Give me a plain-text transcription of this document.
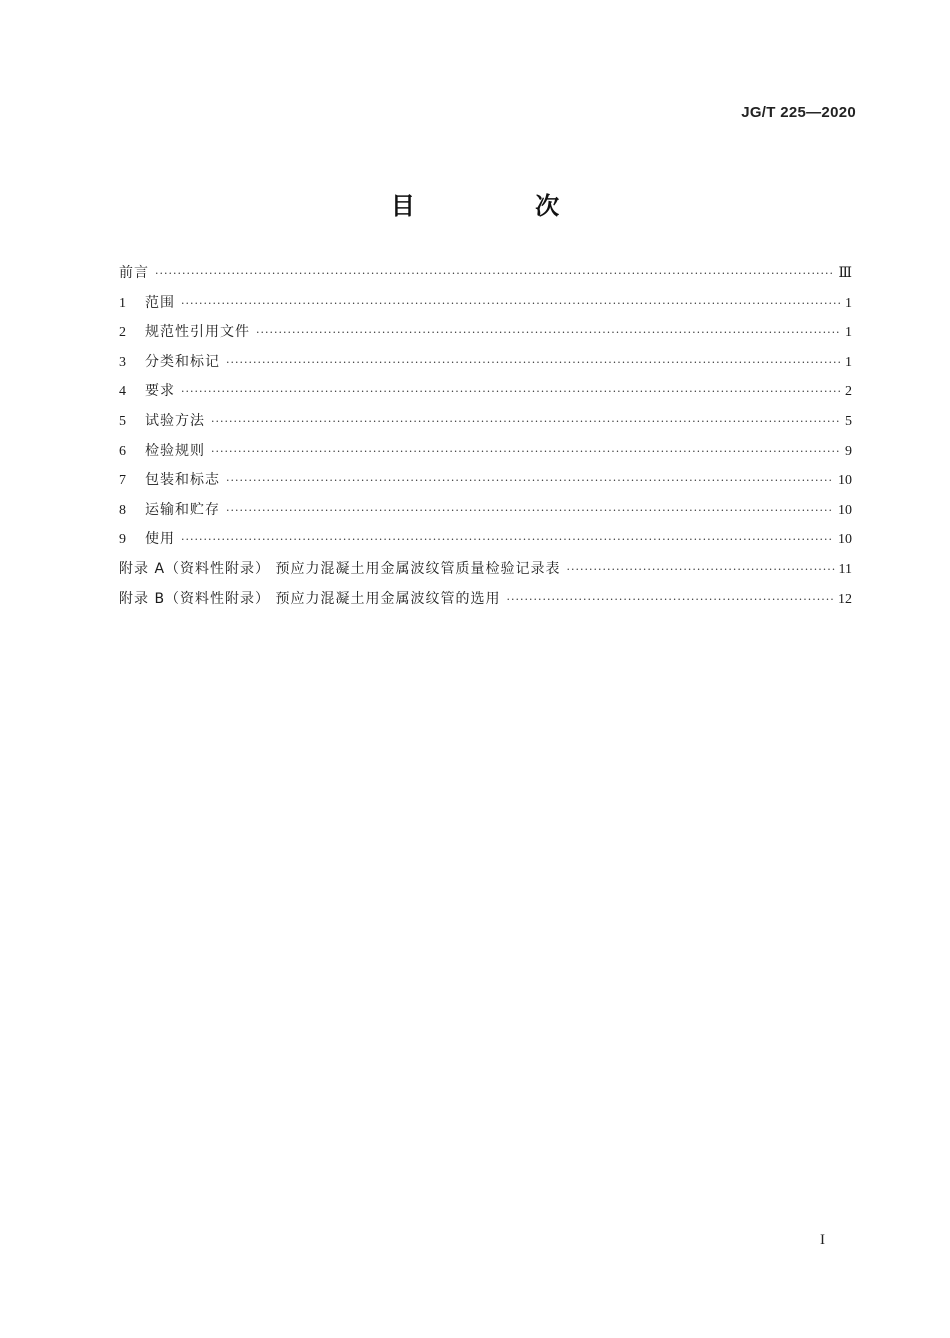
JG/T 225—2020
目 次
前言 ·····	Ⅲ
1	范围 ·····	1
2	规范性引用文件 ·····	1
3	分类和标记 ·····	1
4	要求 ·····	2
5	试验方法 ·····	5
6	检验规则 ·····	9
7	包装和标志 ·····	10
8	运输和贮存 ·····	10
9	使用 ·····	10
附录 A（资料性附录） 预应力混凝土用金属波纹管质量检验记录表 ·····	11
附录 B（资料性附录） 预应力混凝土用金属波纹管的选用 ·····	12
I
